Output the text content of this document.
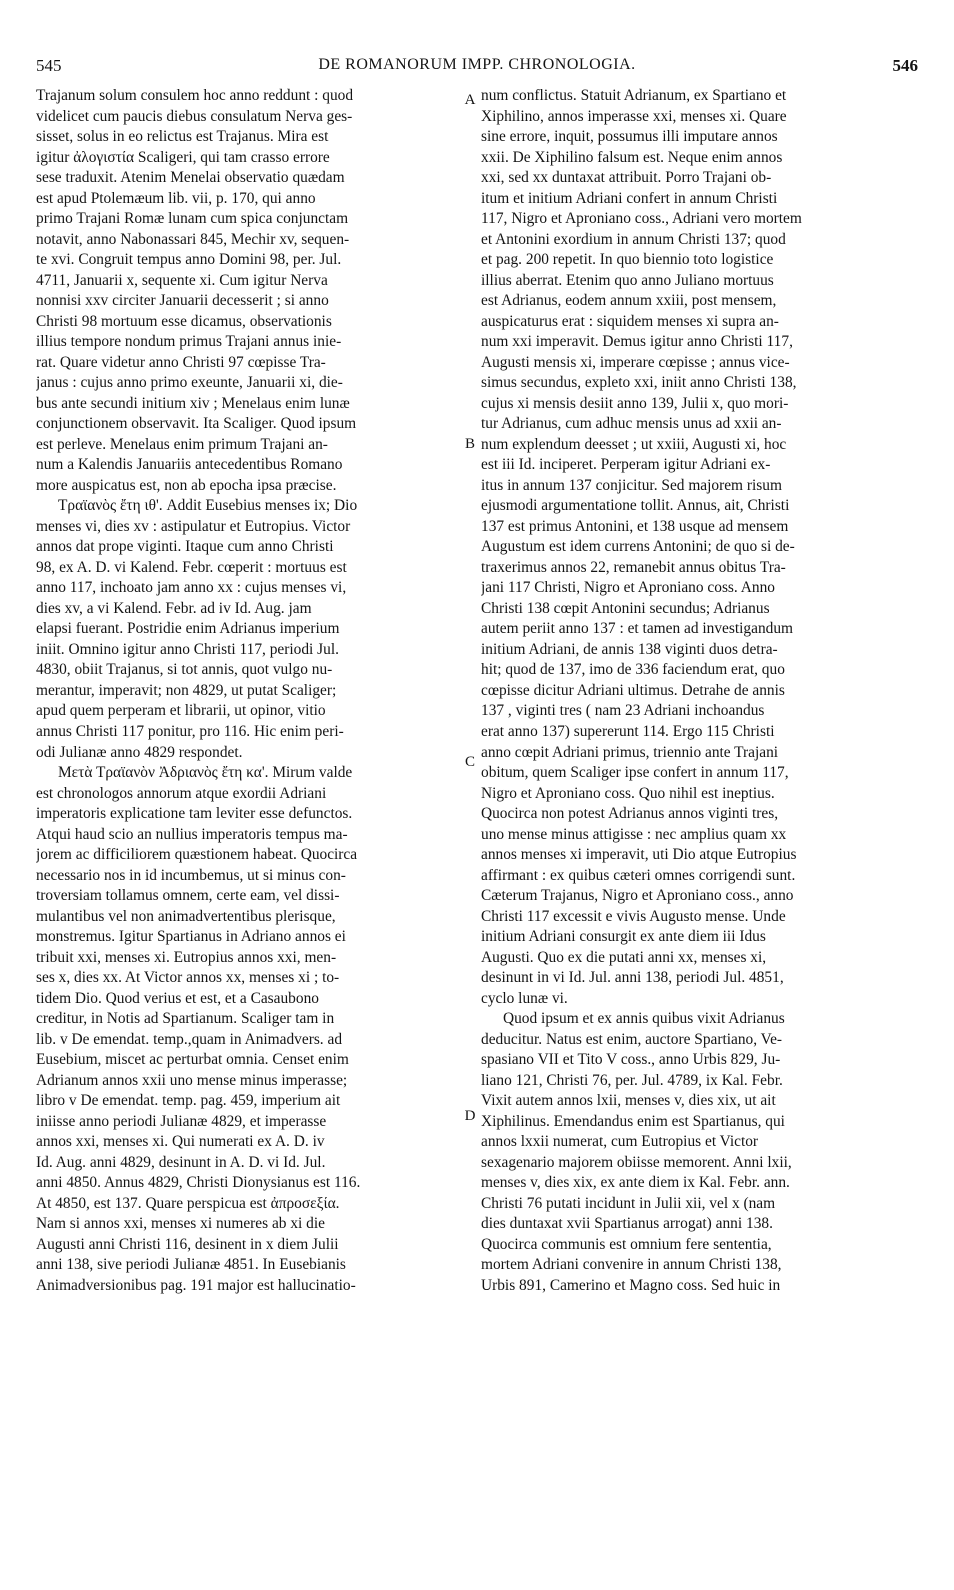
545	DE ROMANORUM IMPP. CHRONOLOGIA.	546
Trajanum solum consulem hoc anno reddunt : quod
videlicet cum paucis diebus consulatum Nerva ges-
sisset, solus in eo relictus est Trajanus. Mira est
igitur ἀλογιστία Scaligeri, qui tam crasso errore
sese traduxit. Atenim Menelai observatio quædam
est apud Ptolemæum lib. vii, p. 170, qui anno
primo Trajani Romæ lunam cum spica conjunctam
notavit, anno Nabonassari 845, Mechir xv, sequen-
te xvi. Congruit tempus anno Domini 98, per. Jul.
4711, Januarii x, sequente xi. Cum igitur Nerva
nonnisi xxv circiter Januarii decesserit ; si anno
Christi 98 mortuum esse dicamus, observationis
illius tempore nondum primus Trajani annus inie-
rat. Quare videtur anno Christi 97 cœpisse Tra-
janus : cujus anno primo exeunte, Januarii xi, die-
bus ante secundi initium xiv ; Menelaus enim lunæ
conjunctionem observavit. Ita Scaliger. Quod ipsum
est perleve. Menelaus enim primum Trajani an-
num a Kalendis Januariis antecedentibus Romano
more auspicatus est, non ab epocha ipsa præcise.
Τραϊανὸς ἔτη ιθ'. Addit Eusebius menses ix; Dio
menses vi, dies xv : astipulatur et Eutropius. Victor
annos dat prope viginti. Itaque cum anno Christi
98, ex A. D. vi Kalend. Febr. cœperit : mortuus est
anno 117, inchoato jam anno xx : cujus menses vi,
dies xv, a vi Kalend. Febr. ad iv Id. Aug. jam
elapsi fuerant. Postridie enim Adrianus imperium
iniit. Omnino igitur anno Christi 117, periodi Jul.
4830, obiit Trajanus, si tot annis, quot vulgo nu-
merantur, imperavit; non 4829, ut putat Scaliger;
apud quem perperam et librarii, ut opinor, vitio
annus Christi 117 ponitur, pro 116. Hic enim peri-
odi Julianæ anno 4829 respondet.
Μετὰ Τραϊανὸν Ἀδριανὸς ἔτη κα'. Mirum valde
est chronologos annorum atque exordii Adriani
imperatoris explicatione tam leviter esse defunctos.
Atqui haud scio an nullius imperatoris tempus ma-
jorem ac difficiliorem quæstionem habeat. Quocirca
necessario nos in id incumbemus, ut si minus con-
troversiam tollamus omnem, certe eam, vel dissi-
mulantibus vel non animadvertentibus plerisque,
monstremus. Igitur Spartianus in Adriano annos ei
tribuit xxi, menses xi. Eutropius annos xxi, men-
ses x, dies xx. At Victor annos xx, menses xi ; to-
tidem Dio. Quod verius et est, et a Casaubono
creditur, in Notis ad Spartianum. Scaliger tam in
lib. v De emendat. temp.,quam in Animadvers. ad
Eusebium, miscet ac perturbat omnia. Censet enim
Adrianum annos xxii uno mense minus imperasse;
libro v De emendat. temp. pag. 459, imperium ait
iniisse anno periodi Julianæ 4829, et imperasse
annos xxi, menses xi. Qui numerati ex A. D. iv
Id. Aug. anni 4829, desinunt in A. D. vi Id. Jul.
anni 4850. Annus 4829, Christi Dionysianus est 116.
At 4850, est 137. Quare perspicua est ἀπροσεξία.
Nam si annos xxi, menses xi numeres ab xi die
Augusti anni Christi 116, desinent in x diem Julii
anni 138, sive periodi Julianæ 4851. In Eusebianis
Animadversionibus pag. 191 major est hallucinatio-
A
B
C
D
num conflictus. Statuit Adrianum, ex Spartiano et
Xiphilino, annos imperasse xxi, menses xi. Quare
sine errore, inquit, possumus illi imputare annos
xxii. De Xiphilino falsum est. Neque enim annos
xxi, sed xx duntaxat attribuit. Porro Trajani ob-
itum et initium Adriani confert in annum Christi
117, Nigro et Aproniano coss., Adriani vero mortem
et Antonini exordium in annum Christi 137; quod
et pag. 200 repetit. In quo biennio toto logistice
illius aberrat. Etenim quo anno Juliano mortuus
est Adrianus, eodem annum xxiii, post mensem,
auspicaturus erat : siquidem menses xi supra an-
num xxi imperavit. Demus igitur anno Christi 117,
Augusti mensis xi, imperare cœpisse ; annus vice-
simus secundus, expleto xxi, iniit anno Christi 138,
cujus xi mensis desiit anno 139, Julii x, quo mori-
tur Adrianus, cum adhuc mensis unus ad xxii an-
num explendum deesset ; ut xxiii, Augusti xi, hoc
est iii Id. inciperet. Perperam igitur Adriani ex-
itus in annum 137 conjicitur. Sed majorem risum
ejusmodi argumentatione tollit. Annus, ait, Christi
137 est primus Antonini, et 138 usque ad mensem
Augustum est idem currens Antonini; de quo si de-
traxerimus annos 22, remanebit annus obitus Tra-
jani 117 Christi, Nigro et Aproniano coss. Anno
Christi 138 cœpit Antonini secundus; Adrianus
autem periit anno 137 : et tamen ad investigandum
initium Adriani, de annis 138 viginti duos detra-
hit; quod de 137, imo de 336 faciendum erat, quo
cœpisse dicitur Adriani ultimus. Detrahe de annis
137 , viginti tres ( nam 23 Adriani inchoandus
erat anno 137) supererunt 114. Ergo 115 Christi
anno cœpit Adriani primus, triennio ante Trajani
obitum, quem Scaliger ipse confert in annum 117,
Nigro et Aproniano coss. Quo nihil est ineptius.
Quocirca non potest Adrianus annos viginti tres,
uno mense minus attigisse : nec amplius quam xx
annos menses xi imperavit, uti Dio atque Eutropius
affirmant : ex quibus cæteri omnes corrigendi sunt.
Cæterum Trajanus, Nigro et Aproniano coss., anno
Christi 117 excessit e vivis Augusto mense. Unde
initium Adriani consurgit ex ante diem iii Idus
Augusti. Quo ex die putati anni xx, menses xi,
desinunt in vi Id. Jul. anni 138, periodi Jul. 4851,
cyclo lunæ vi.
Quod ipsum et ex annis quibus vixit Adrianus
deducitur. Natus est enim, auctore Spartiano, Ve-
spasiano VII et Tito V coss., anno Urbis 829, Ju-
liano 121, Christi 76, per. Jul. 4789, ix Kal. Febr.
Vixit autem annos lxii, menses v, dies xix, ut ait
Xiphilinus. Emendandus enim est Spartianus, qui
annos lxxii numerat, cum Eutropius et Victor
sexagenario majorem obiisse memorent. Anni lxii,
menses v, dies xix, ex ante diem ix Kal. Febr. ann.
Christi 76 putati incidunt in Julii xii, vel x (nam
dies duntaxat xvii Spartianus arrogat) anni 138.
Quocirca communis est omnium fere sententia,
mortem Adriani convenire in annum Christi 138,
Urbis 891, Camerino et Magno coss. Sed huic in
